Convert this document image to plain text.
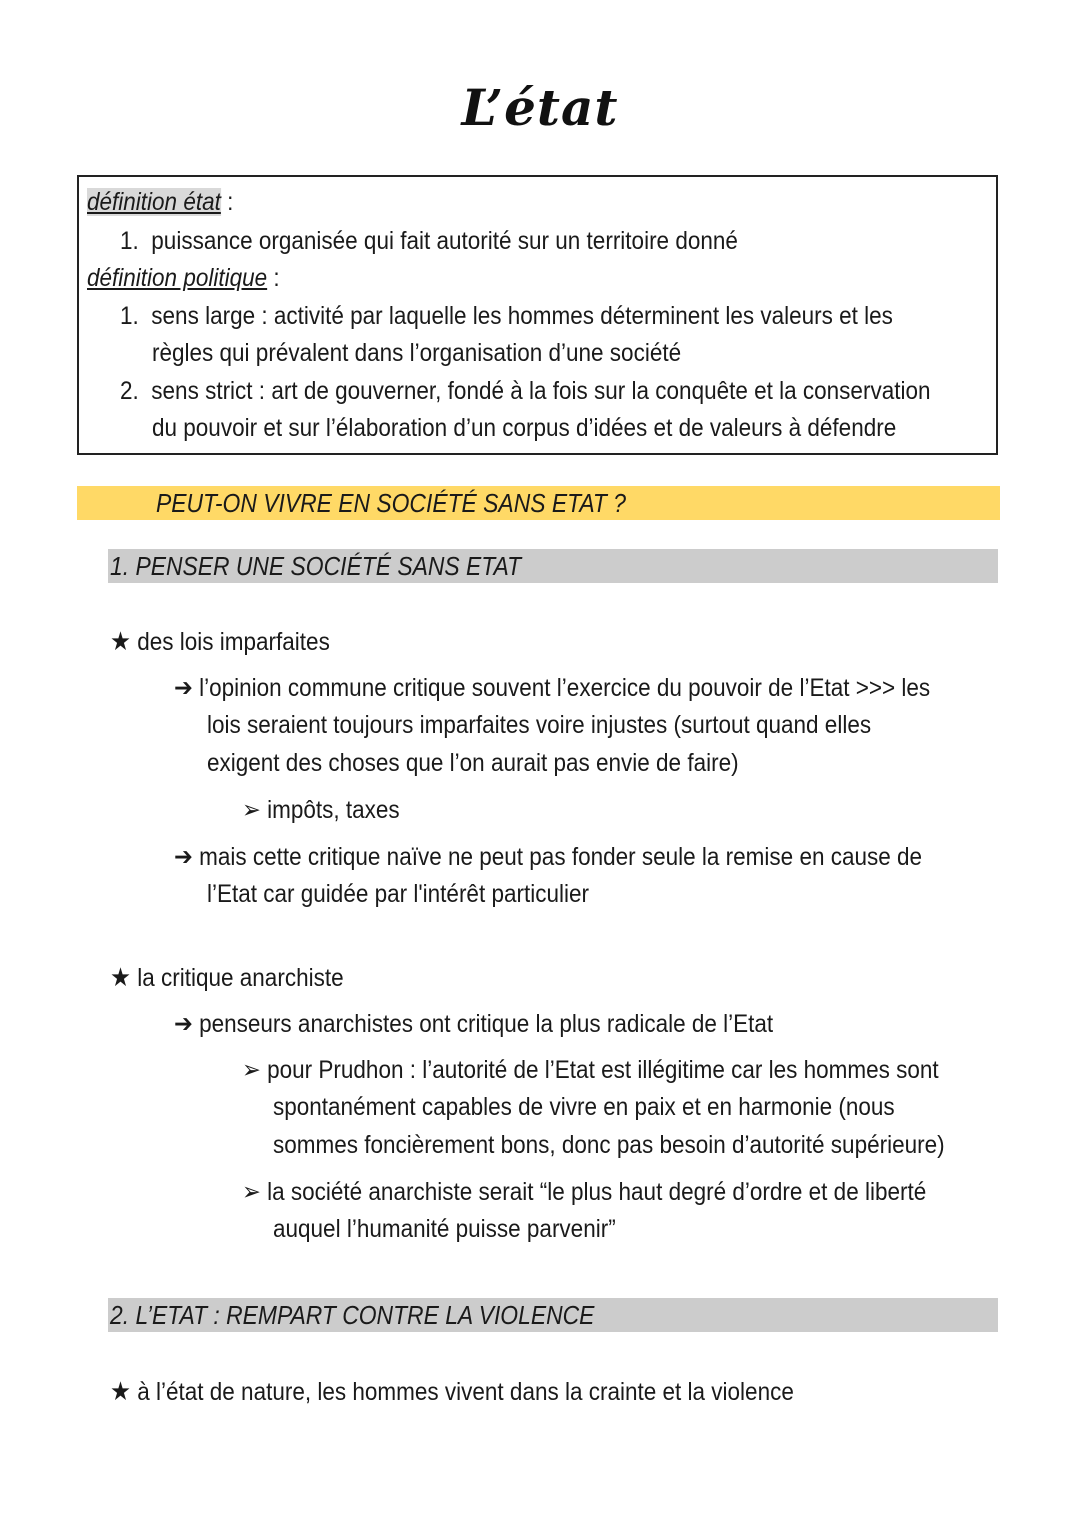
L’état
définition état :
1. puissance organisée qui fait autorité sur un territoire donné
définition politique :
1. sens large : activité par laquelle les hommes déterminent les valeurs et les
règles qui prévalent dans l’organisation d’une société
2. sens strict : art de gouverner, fondé à la fois sur la conquête et la conservation
du pouvoir et sur l’élaboration d’un corpus d’idées et de valeurs à défendre
PEUT-ON VIVRE EN SOCIÉTÉ SANS ETAT ?
1. PENSER UNE SOCIÉTÉ SANS ETAT
★ des lois imparfaites
➔ l’opinion commune critique souvent l’exercice du pouvoir de l’Etat >>> les
lois seraient toujours imparfaites voire injustes (surtout quand elles
exigent des choses que l’on aurait pas envie de faire)
➢ impôts, taxes
➔ mais cette critique naïve ne peut pas fonder seule la remise en cause de
l’Etat car guidée par l'intérêt particulier
★ la critique anarchiste
➔ penseurs anarchistes ont critique la plus radicale de l’Etat
➢ pour Prudhon : l’autorité de l’Etat est illégitime car les hommes sont
spontanément capables de vivre en paix et en harmonie (nous
sommes foncièrement bons, donc pas besoin d’autorité supérieure)
➢ la société anarchiste serait “le plus haut degré d’ordre et de liberté
auquel l’humanité puisse parvenir”
2. L’ETAT : REMPART CONTRE LA VIOLENCE
★ à l’état de nature, les hommes vivent dans la crainte et la violence
